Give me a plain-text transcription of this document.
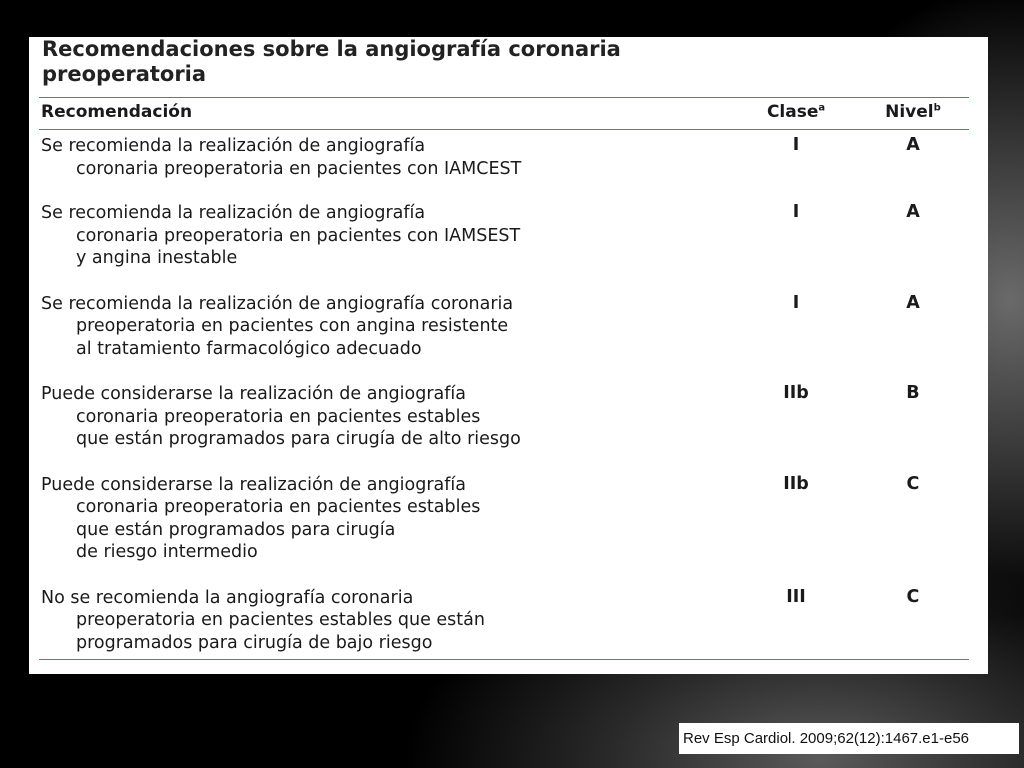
Recomendaciones sobre la angiografía coronaria
preoperatoria
Recomendación	Clase$^a$	Nivel$^b$

Se recomienda la realización de angiografía
coronaria preoperatoria en pacientes con IAMCEST	I	A

Se recomienda la realización de angiografía
coronaria preoperatoria en pacientes con IAMSEST
y angina inestable	I	A

Se recomienda la realización de angiografía coronaria
preoperatoria en pacientes con angina resistente
al tratamiento farmacológico adecuado	I	A

Puede considerarse la realización de angiografía
coronaria preoperatoria en pacientes estables
que están programados para cirugía de alto riesgo	IIb	B

Puede considerarse la realización de angiografía
coronaria preoperatoria en pacientes estables
que están programados para cirugía
de riesgo intermedio	IIb	C

No se recomienda la angiografía coronaria
preoperatoria en pacientes estables que están
programados para cirugía de bajo riesgo	III	C
Rev Esp Cardiol. 2009;62(12):1467.e1-e56
